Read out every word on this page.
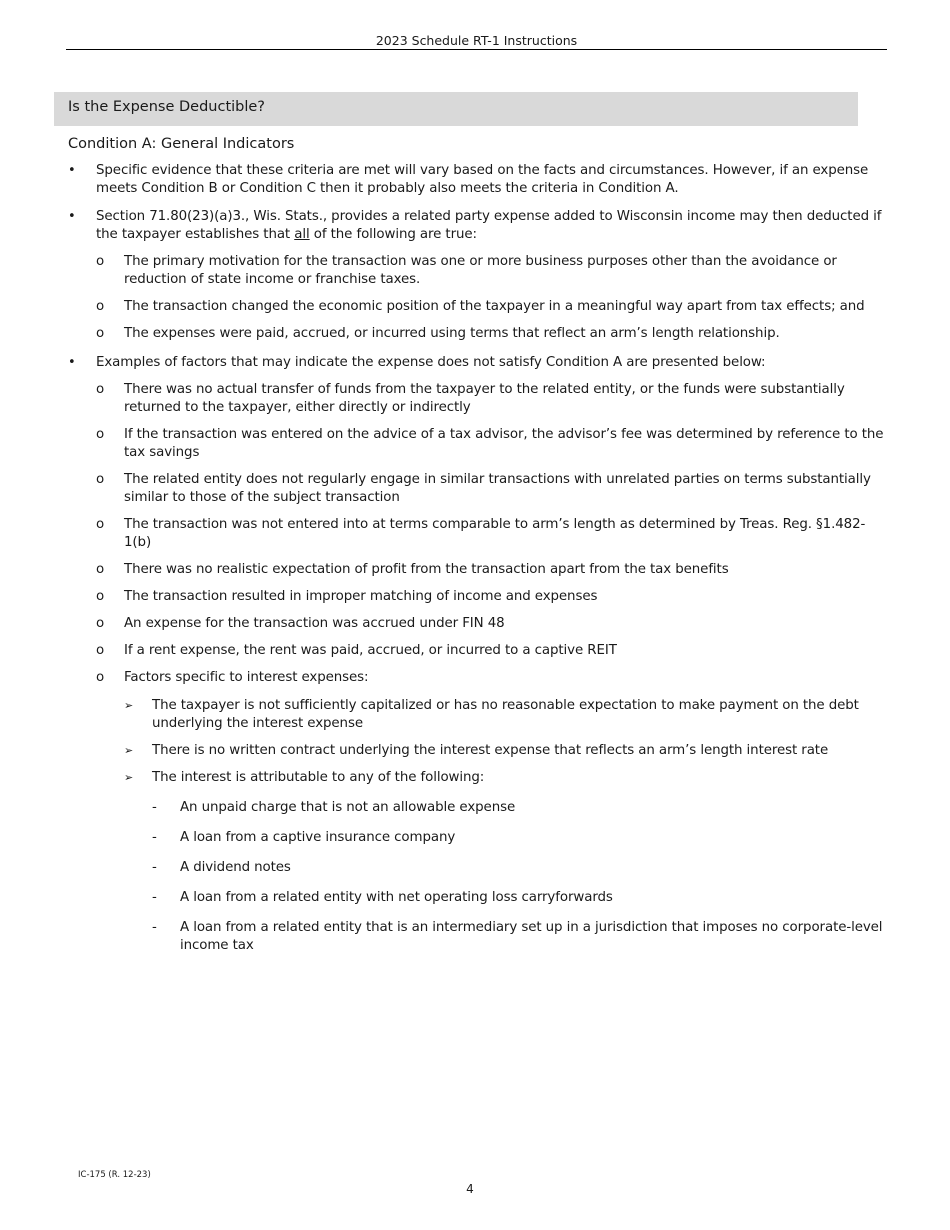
2023 Schedule RT-1 Instructions
Is the Expense Deductible?
Condition A: General Indicators
• Specific evidence that these criteria are met will vary based on the facts and circumstances. However, if an expense meets Condition B or Condition C then it probably also meets the criteria in Condition A.
• Section 71.80(23)(a)3., Wis. Stats., provides a related party expense added to Wisconsin income may then deducted if the taxpayer establishes that all of the following are true:
o The primary motivation for the transaction was one or more business purposes other than the avoidance or reduction of state income or franchise taxes.
o The transaction changed the economic position of the taxpayer in a meaningful way apart from tax effects; and
o The expenses were paid, accrued, or incurred using terms that reflect an arm’s length relationship.
• Examples of factors that may indicate the expense does not satisfy Condition A are presented below:
o There was no actual transfer of funds from the taxpayer to the related entity, or the funds were substantially returned to the taxpayer, either directly or indirectly
o If the transaction was entered on the advice of a tax advisor, the advisor’s fee was determined by reference to the tax savings
o The related entity does not regularly engage in similar transactions with unrelated parties on terms substantially similar to those of the subject transaction
o The transaction was not entered into at terms comparable to arm’s length as determined by Treas. Reg. §1.482- 1(b)
o There was no realistic expectation of profit from the transaction apart from the tax benefits
o The transaction resulted in improper matching of income and expenses
o An expense for the transaction was accrued under FIN 48
o If a rent expense, the rent was paid, accrued, or incurred to a captive REIT
o Factors specific to interest expenses:
➢ The taxpayer is not sufficiently capitalized or has no reasonable expectation to make payment on the debt underlying the interest expense
➢ There is no written contract underlying the interest expense that reflects an arm’s length interest rate
➢ The interest is attributable to any of the following:
- An unpaid charge that is not an allowable expense
- A loan from a captive insurance company
- A dividend notes
- A loan from a related entity with net operating loss carryforwards
- A loan from a related entity that is an intermediary set up in a jurisdiction that imposes no corporate-level income tax
IC-175 (R. 12-23)
4
